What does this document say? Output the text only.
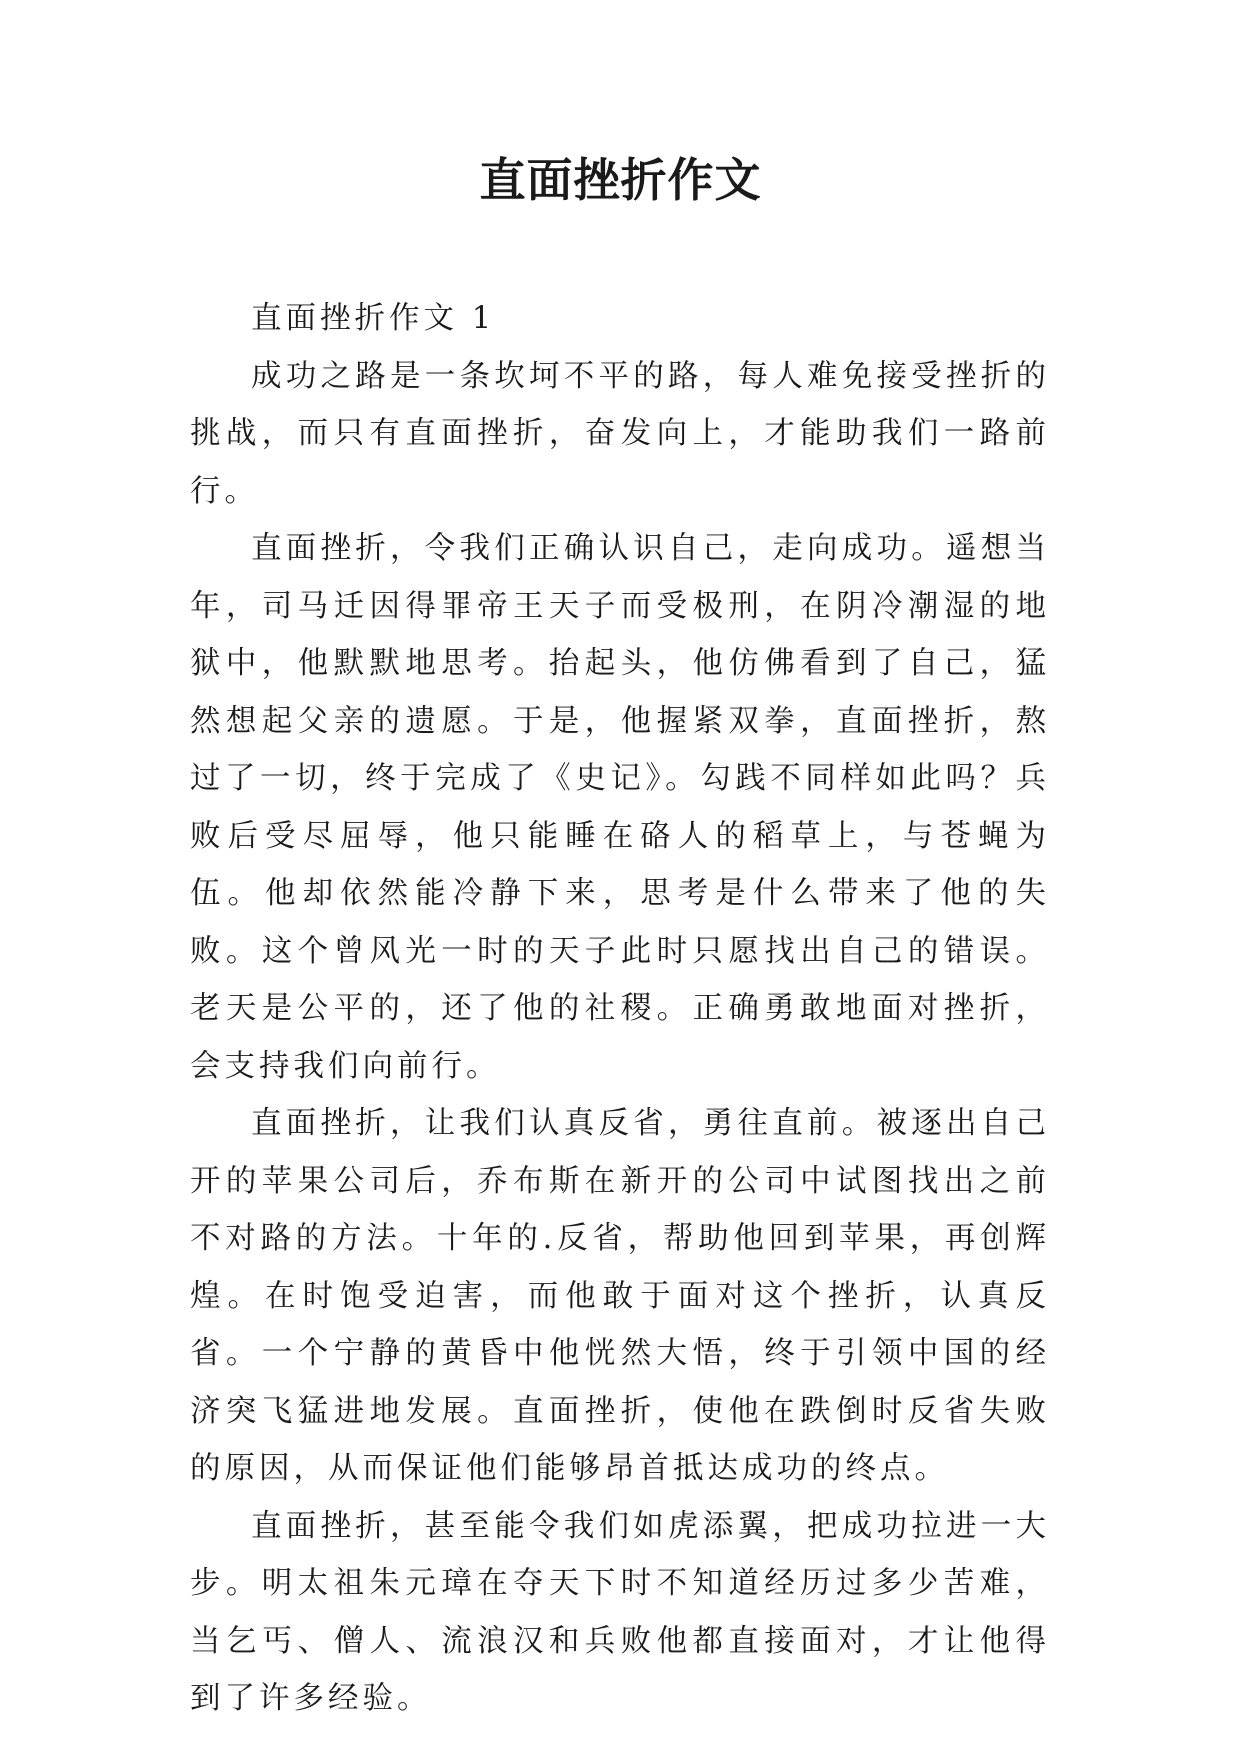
直面挫折作文

直面挫折作文 1

成功之路是一条坎坷不平的路，每人难免接受挫折的挑战，而只有直面挫折，奋发向上，才能助我们一路前行。

直面挫折，令我们正确认识自己，走向成功。遥想当年，司马迁因得罪帝王天子而受极刑，在阴冷潮湿的地狱中，他默默地思考。抬起头，他仿佛看到了自己，猛然想起父亲的遗愿。于是，他握紧双拳，直面挫折，熬过了一切，终于完成了《史记》。勾践不同样如此吗？兵败后受尽屈辱，他只能睡在硌人的稻草上，与苍蝇为伍。他却依然能冷静下来，思考是什么带来了他的失败。这个曾风光一时的天子此时只愿找出自己的错误。老天是公平的，还了他的社稷。正确勇敢地面对挫折，会支持我们向前行。

直面挫折，让我们认真反省，勇往直前。被逐出自己开的苹果公司后，乔布斯在新开的公司中试图找出之前不对路的方法。十年的.反省，帮助他回到苹果，再创辉煌。在时饱受迫害，而他敢于面对这个挫折，认真反省。一个宁静的黄昏中他恍然大悟，终于引领中国的经济突飞猛进地发展。直面挫折，使他在跌倒时反省失败的原因，从而保证他们能够昂首抵达成功的终点。

直面挫折，甚至能令我们如虎添翼，把成功拉进一大步。明太祖朱元璋在夺天下时不知道经历过多少苦难，当乞丐、僧人、流浪汉和兵败他都直接面对，才让他得到了许多经验。
